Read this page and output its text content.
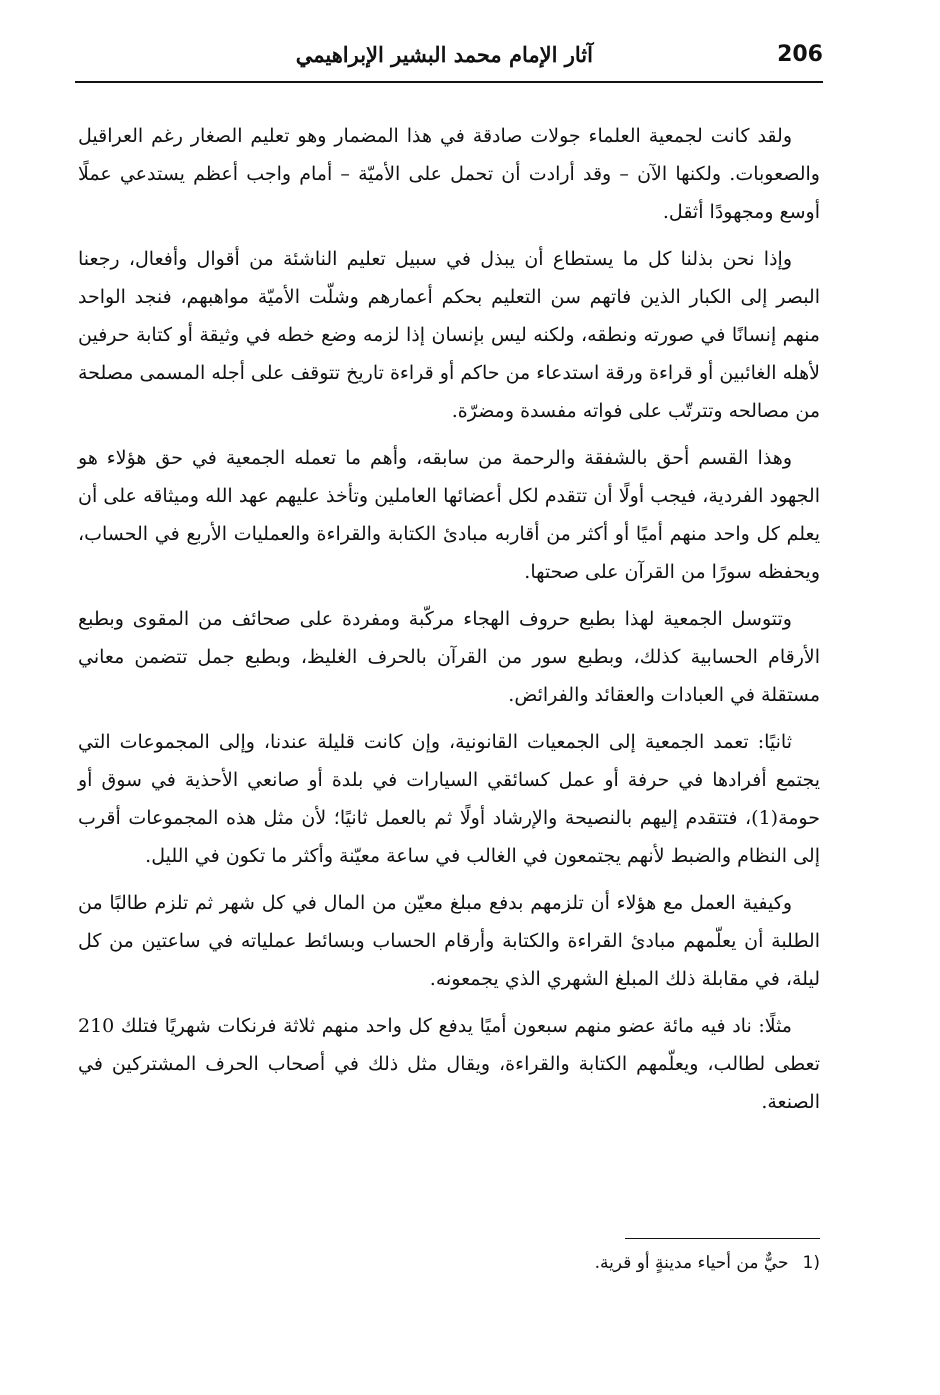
206
آثار الإمام محمد البشير الإبراهيمي

ولقد كانت لجمعية العلماء جولات صادقة في هذا المضمار وهو تعليم الصغار رغم العراقيل والصعوبات. ولكنها الآن – وقد أرادت أن تحمل على الأميّة – أمام واجب أعظم يستدعي عملًا أوسع ومجهودًا أثقل.

وإذا نحن بذلنا كل ما يستطاع أن يبذل في سبيل تعليم الناشئة من أقوال وأفعال، رجعنا البصر إلى الكبار الذين فاتهم سن التعليم بحكم أعمارهم وشلّت الأميّة مواهبهم، فنجد الواحد منهم إنسانًا في صورته ونطقه، ولكنه ليس بإنسان إذا لزمه وضع خطه في وثيقة أو كتابة حرفين لأهله الغائبين أو قراءة ورقة استدعاء من حاكم أو قراءة تاريخ تتوقف على أجله المسمى مصلحة من مصالحه وتترتّب على فواته مفسدة ومضرّة.

وهذا القسم أحق بالشفقة والرحمة من سابقه، وأهم ما تعمله الجمعية في حق هؤلاء هو الجهود الفردية، فيجب أولًا أن تتقدم لكل أعضائها العاملين وتأخذ عليهم عهد الله وميثاقه على أن يعلم كل واحد منهم أميًا أو أكثر من أقاربه مبادئ الكتابة والقراءة والعمليات الأربع في الحساب، ويحفظه سورًا من القرآن على صحتها.

وتتوسل الجمعية لهذا بطبع حروف الهجاء مركّبة ومفردة على صحائف من المقوى وبطبع الأرقام الحسابية كذلك، وبطبع سور من القرآن بالحرف الغليظ، وبطبع جمل تتضمن معاني مستقلة في العبادات والعقائد والفرائض.

ثانيًا: تعمد الجمعية إلى الجمعيات القانونية، وإن كانت قليلة عندنا، وإلى المجموعات التي يجتمع أفرادها في حرفة أو عمل كسائقي السيارات في بلدة أو صانعي الأحذية في سوق أو حومة(1)، فتتقدم إليهم بالنصيحة والإرشاد أولًا ثم بالعمل ثانيًا؛ لأن مثل هذه المجموعات أقرب إلى النظام والضبط لأنهم يجتمعون في الغالب في ساعة معيّنة وأكثر ما تكون في الليل.

وكيفية العمل مع هؤلاء أن تلزمهم بدفع مبلغ معيّن من المال في كل شهر ثم تلزم طالبًا من الطلبة أن يعلّمهم مبادئ القراءة والكتابة وأرقام الحساب وبسائط عملياته في ساعتين من كل ليلة، في مقابلة ذلك المبلغ الشهري الذي يجمعونه.

مثلًا: ناد فيه مائة عضو منهم سبعون أميًا يدفع كل واحد منهم ثلاثة فرنكات شهريًا فتلك 210 تعطى لطالب، ويعلّمهم الكتابة والقراءة، ويقال مثل ذلك في أصحاب الحرف المشتركين في الصنعة.

1)حيٌّ من أحياء مدينةٍ أو قرية.
